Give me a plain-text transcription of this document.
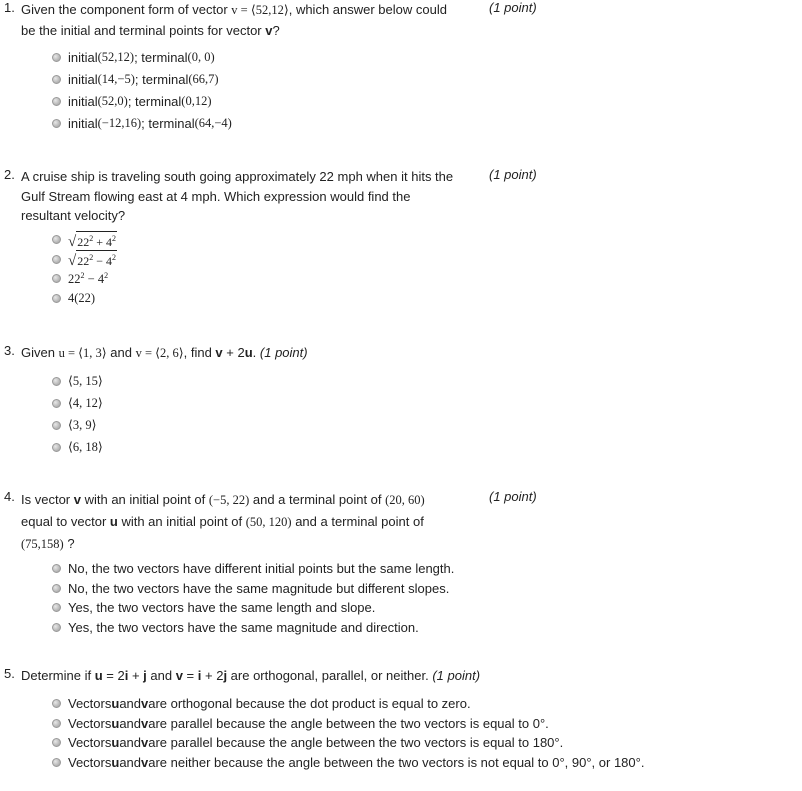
1. Given the component form of vector v = ⟨52,12⟩, which answer below could
be the initial and terminal points for vector v?
(1 point)
initial (52,12) ; terminal (0, 0)
initial (14,−5) ; terminal (66,7)
initial (52,0) ; terminal (0,12)
initial (−12,16) ; terminal (64,−4)
2. A cruise ship is traveling south going approximately 22 mph when it hits the
Gulf Stream flowing east at 4 mph. Which expression would find the
resultant velocity?
(1 point)
√ $22^2 + 4^2$
√ $22^2 - 4^2$
$22^2 - 4^2$
4(22)
3. Given u = ⟨1, 3⟩ and v = ⟨2, 6⟩, find v + 2u. (1 point)
⟨5, 15⟩
⟨4, 12⟩
⟨3, 9⟩
⟨6, 18⟩
4. Is vector v with an initial point of (−5, 22) and a terminal point of (20, 60)
equal to vector u with an initial point of (50, 120) and a terminal point of
(75,158) ?
(1 point)
No, the two vectors have different initial points but the same length.
No, the two vectors have the same magnitude but different slopes.
Yes, the two vectors have the same length and slope.
Yes, the two vectors have the same magnitude and direction.
5. Determine if u = 2i + j and v = i + 2j are orthogonal, parallel, or neither. (1 point)
Vectors u and v are orthogonal because the dot product is equal to zero.
Vectors u and v are parallel because the angle between the two vectors is equal to 0°.
Vectors u and v are parallel because the angle between the two vectors is equal to 180°.
Vectors u and v are neither because the angle between the two vectors is not equal to 0°, 90°, or 180°.
